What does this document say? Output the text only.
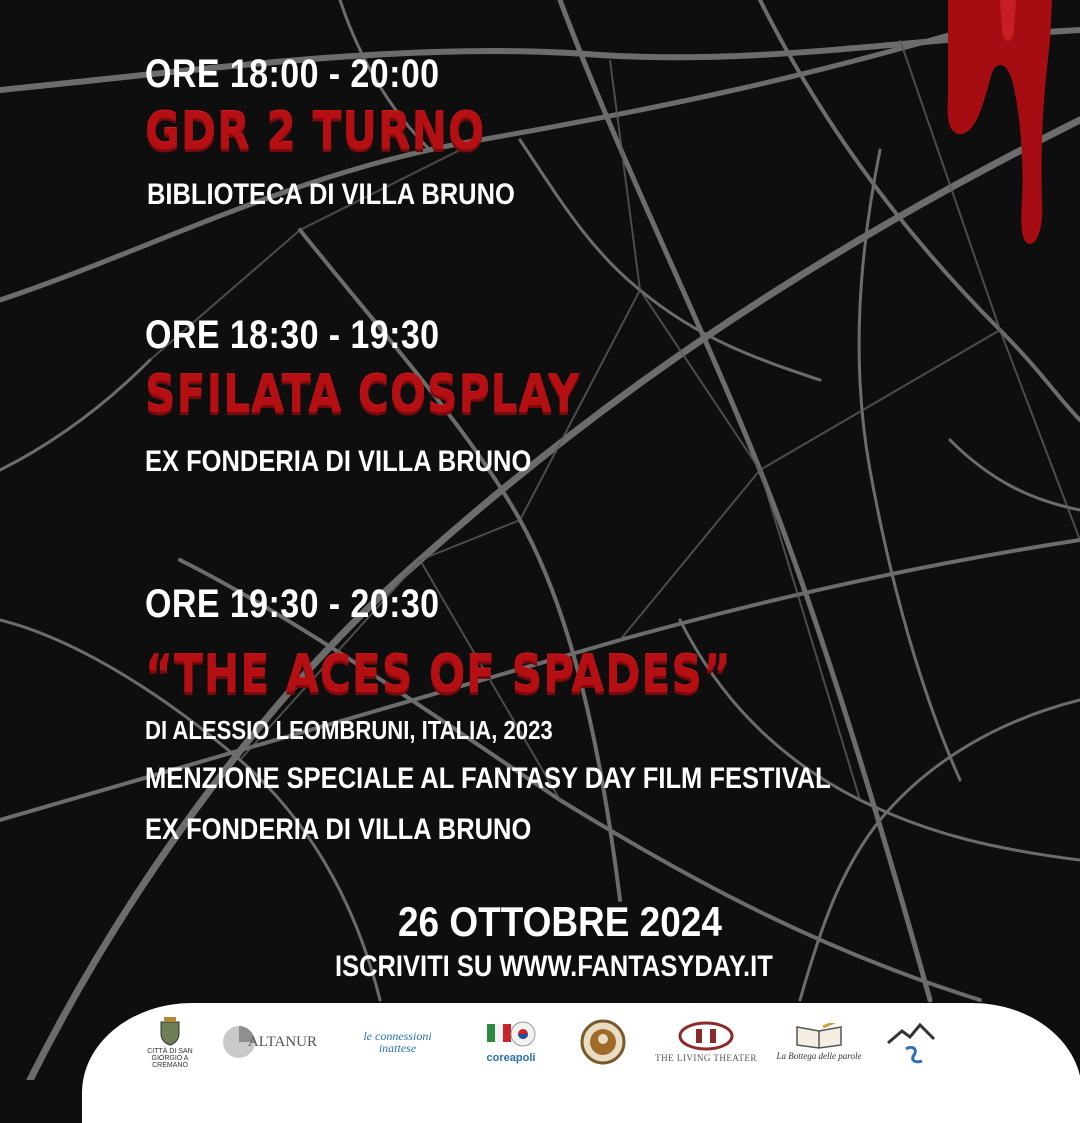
ORE 18:00 - 20:00
GDR 2 TURNO
BIBLIOTECA DI VILLA BRUNO
ORE 18:30 - 19:30
SFILATA COSPLAY
EX FONDERIA DI VILLA BRUNO
ORE 19:30 - 20:30
“THE ACES OF SPADES”
DI ALESSIO LEOMBRUNI, ITALIA, 2023
MENZIONE SPECIALE AL FANTASY DAY FILM FESTIVAL
EX FONDERIA DI VILLA BRUNO
26 OTTOBRE 2024
ISCRIVITI SU WWW.FANTASYDAY.IT
CITTÀ DI SAN GIORGIO A CREMANO
ALTANUR	le connessioni inattese
coreapoli	THE LIVING THEATER La Bottega delle parole
